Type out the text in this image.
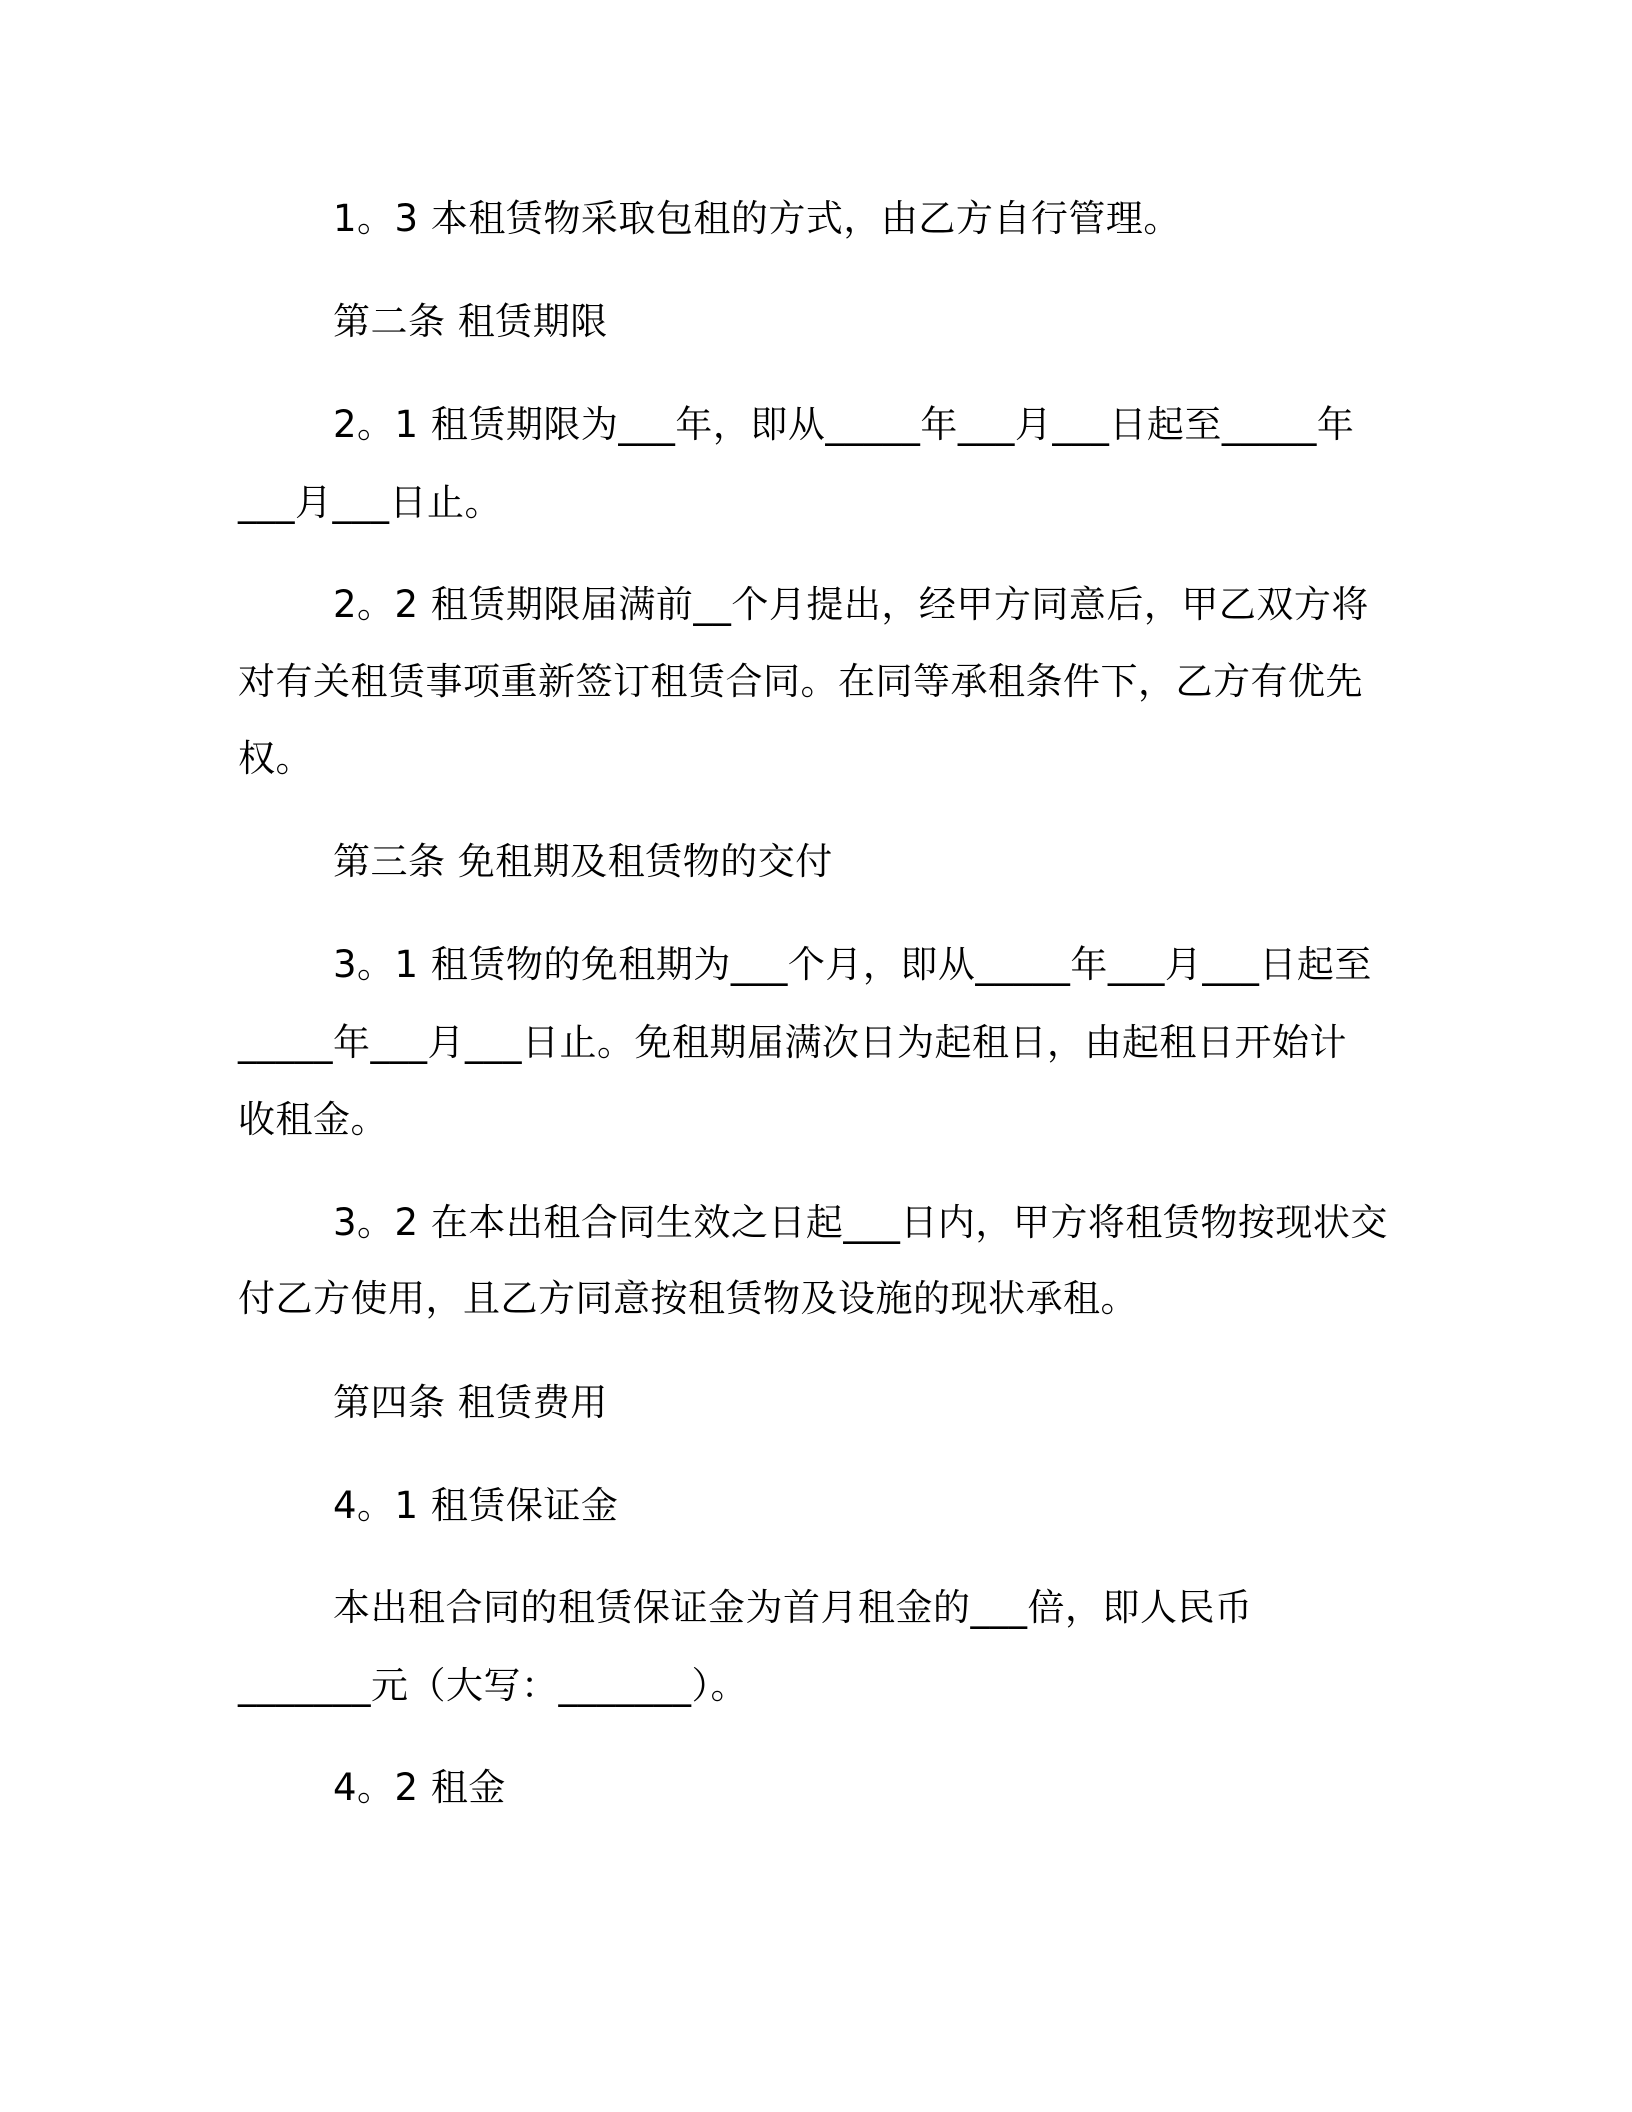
1。3 本租赁物采取包租的方式，由乙方自行管理。
第二条 租赁期限
2。1 租赁期限为___年，即从_____年___月___日起至_____年
___月___日止。
2。2 租赁期限届满前__个月提出，经甲方同意后，甲乙双方将
对有关租赁事项重新签订租赁合同。在同等承租条件下，乙方有优先
权。
第三条 免租期及租赁物的交付
3。1 租赁物的免租期为___个月，即从_____年___月___日起至
_____年___月___日止。免租期届满次日为起租日，由起租日开始计
收租金。
3。2 在本出租合同生效之日起___日内，甲方将租赁物按现状交
付乙方使用，且乙方同意按租赁物及设施的现状承租。
第四条 租赁费用
4。1 租赁保证金
本出租合同的租赁保证金为首月租金的___倍，即人民币
_______元（大写：_______）。
4。2 租金
